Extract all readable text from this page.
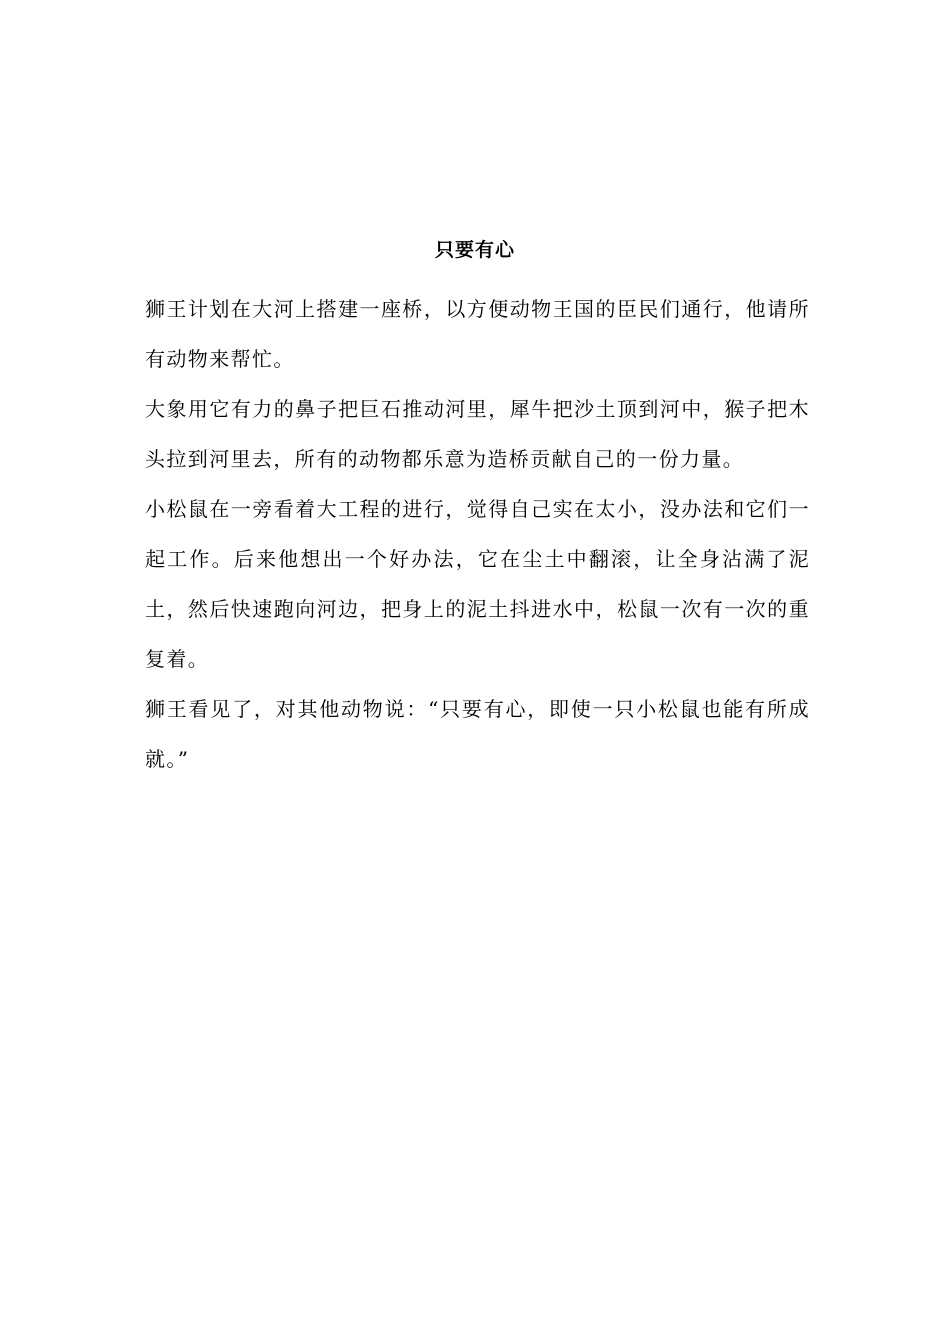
只要有心

狮王计划在大河上搭建一座桥，以方便动物王国的臣民们通行，他请所有动物来帮忙。

大象用它有力的鼻子把巨石推动河里，犀牛把沙土顶到河中，猴子把木头拉到河里去，所有的动物都乐意为造桥贡献自己的一份力量。

小松鼠在一旁看着大工程的进行，觉得自己实在太小，没办法和它们一起工作。后来他想出一个好办法，它在尘土中翻滚，让全身沾满了泥土，然后快速跑向河边，把身上的泥土抖进水中，松鼠一次有一次的重复着。

狮王看见了，对其他动物说：“只要有心，即使一只小松鼠也能有所成就。”
